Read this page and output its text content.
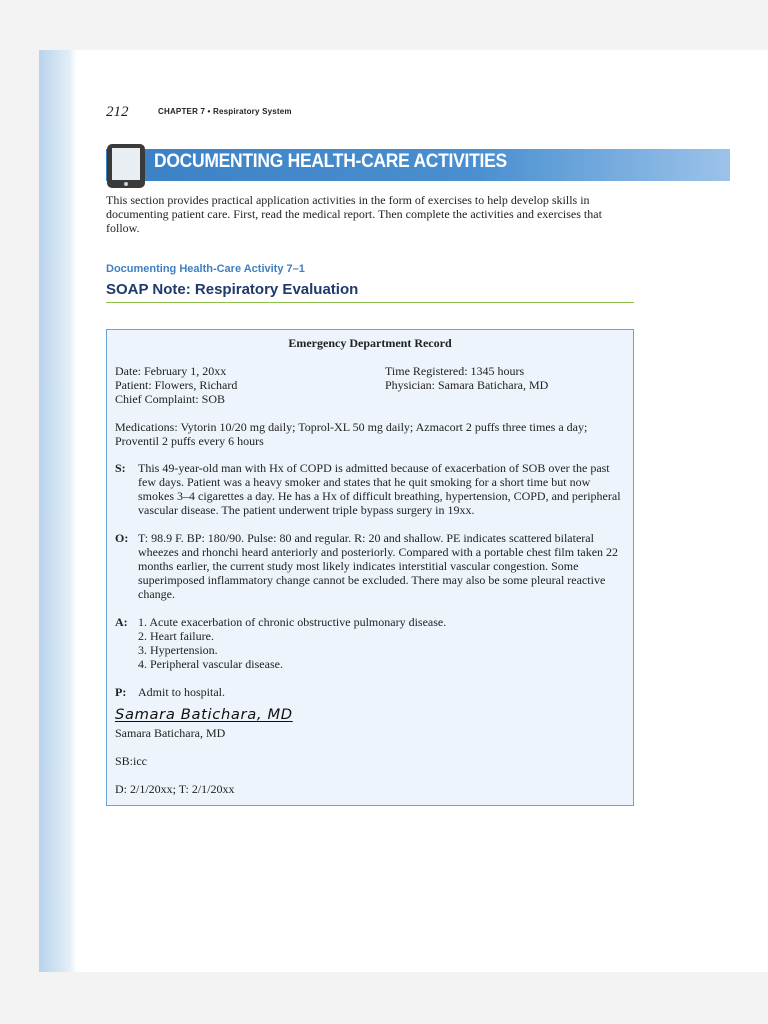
212	CHAPTER 7 • Respiratory System
DOCUMENTING HEALTH-CARE ACTIVITIES
This section provides practical application activities in the form of exercises to help develop skills in documenting patient care. First, read the medical report. Then complete the activities and exercises that follow.
Documenting Health-Care Activity 7–1
SOAP Note: Respiratory Evaluation
Emergency Department Record
Date: February 1, 20xx
Patient: Flowers, Richard
Chief Complaint: SOB
Time Registered: 1345 hours
Physician: Samara Batichara, MD
Medications: Vytorin 10/20 mg daily; Toprol-XL 50 mg daily; Azmacort 2 puffs three times a day; Proventil 2 puffs every 6 hours
S: This 49-year-old man with Hx of COPD is admitted because of exacerbation of SOB over the past few days. Patient was a heavy smoker and states that he quit smoking for a short time but now smokes 3–4 cigarettes a day. He has a Hx of difficult breathing, hypertension, COPD, and peripheral vascular disease. The patient underwent triple bypass surgery in 19xx.
O: T: 98.9 F. BP: 180/90. Pulse: 80 and regular. R: 20 and shallow. PE indicates scattered bilateral wheezes and rhonchi heard anteriorly and posteriorly. Compared with a portable chest film taken 22 months earlier, the current study most likely indicates interstitial vascular congestion. Some superimposed inflammatory change cannot be excluded. There may also be some pleural reactive change.
A: 1. Acute exacerbation of chronic obstructive pulmonary disease.
2. Heart failure.
3. Hypertension.
4. Peripheral vascular disease.
P: Admit to hospital.
Samara Batichara, MD
Samara Batichara, MD
SB:icc
D: 2/1/20xx; T: 2/1/20xx
